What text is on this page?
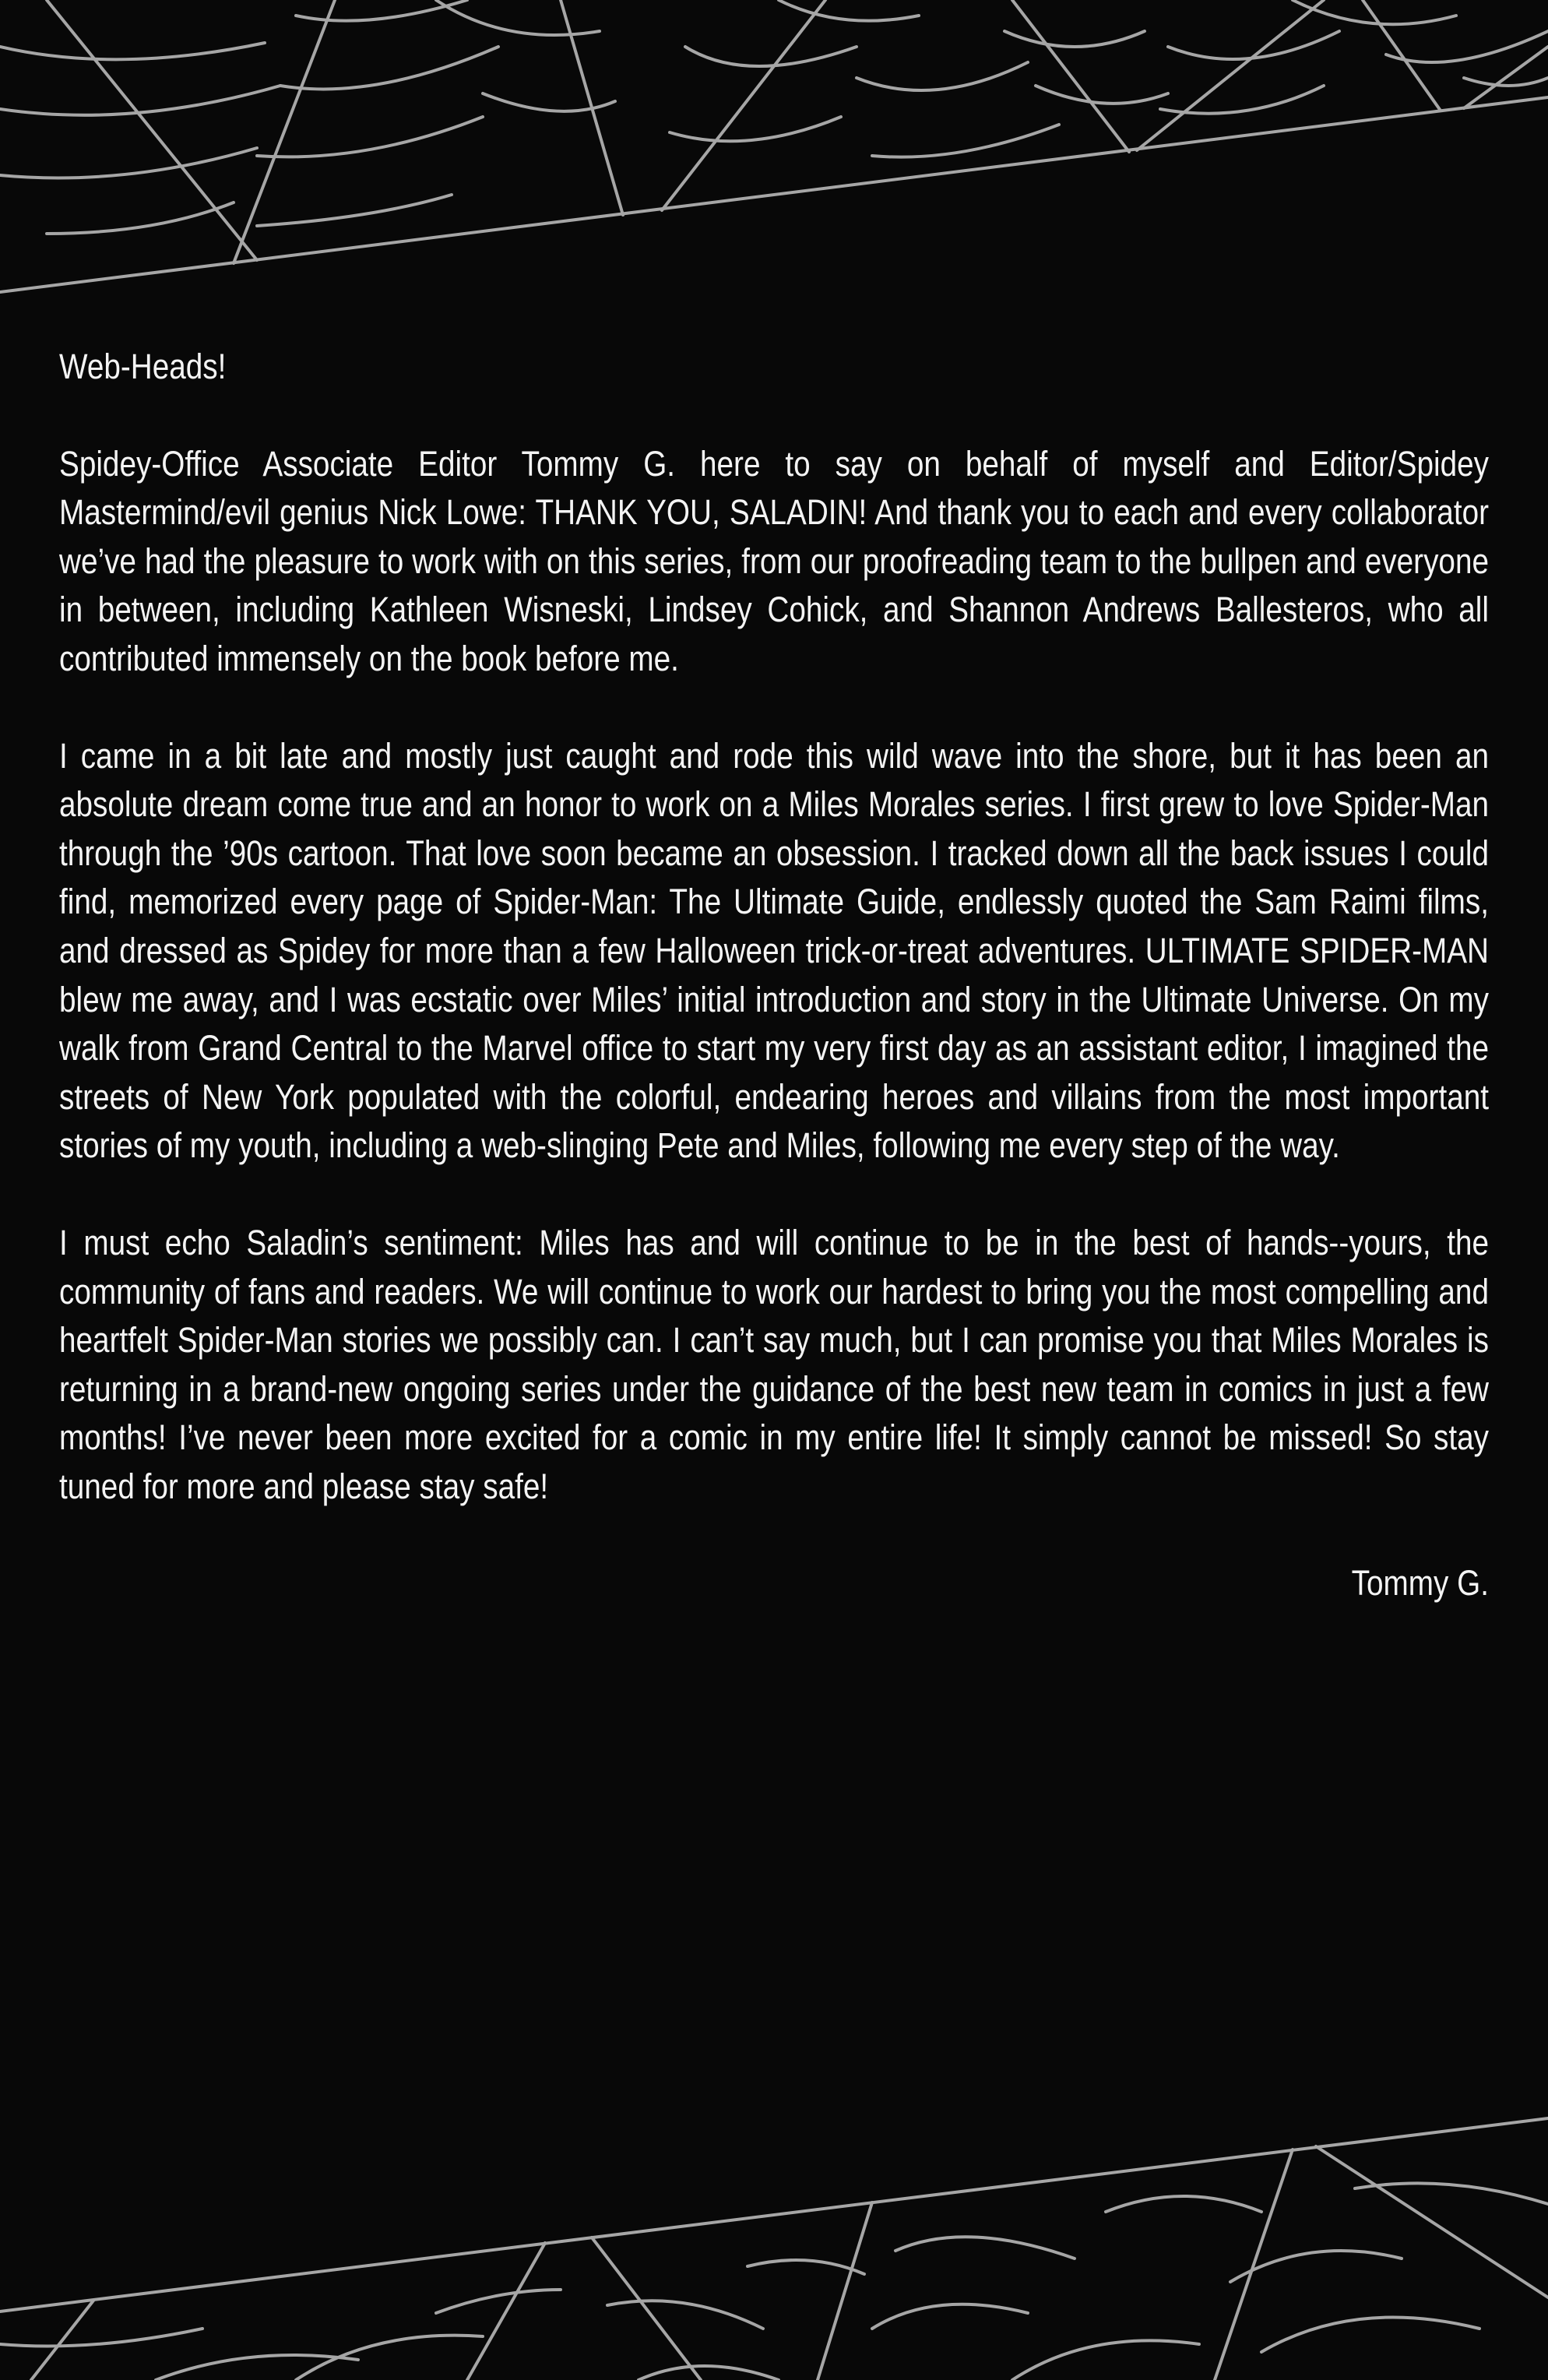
Web-Heads!

Spidey-Office Associate Editor Tommy G. here to say on behalf of myself and Editor/Spidey Mastermind/evil genius Nick Lowe: THANK YOU, SALADIN! And thank you to each and every collaborator we’ve had the pleasure to work with on this series, from our proofreading team to the bullpen and everyone in between, including Kathleen Wisneski, Lindsey Cohick, and Shannon Andrews Ballesteros, who all contributed immensely on the book before me.

I came in a bit late and mostly just caught and rode this wild wave into the shore, but it has been an absolute dream come true and an honor to work on a Miles Morales series. I first grew to love Spider-Man through the ’90s cartoon. That love soon became an obsession. I tracked down all the back issues I could find, memorized every page of Spider-Man: The Ultimate Guide, endlessly quoted the Sam Raimi films, and dressed as Spidey for more than a few Halloween trick-or-treat adventures. ULTIMATE SPIDER-MAN blew me away, and I was ecstatic over Miles’ initial introduction and story in the Ultimate Universe. On my walk from Grand Central to the Marvel office to start my very first day as an assistant editor, I imagined the streets of New York populated with the colorful, endearing heroes and villains from the most important stories of my youth, including a web-slinging Pete and Miles, following me every step of the way.

I must echo Saladin’s sentiment: Miles has and will continue to be in the best of hands--yours, the community of fans and readers. We will continue to work our hardest to bring you the most compelling and heartfelt Spider-Man stories we possibly can. I can’t say much, but I can promise you that Miles Morales is returning in a brand-new ongoing series under the guidance of the best new team in comics in just a few months! I’ve never been more excited for a comic in my entire life! It simply cannot be missed! So stay tuned for more and please stay safe!

Tommy G.
